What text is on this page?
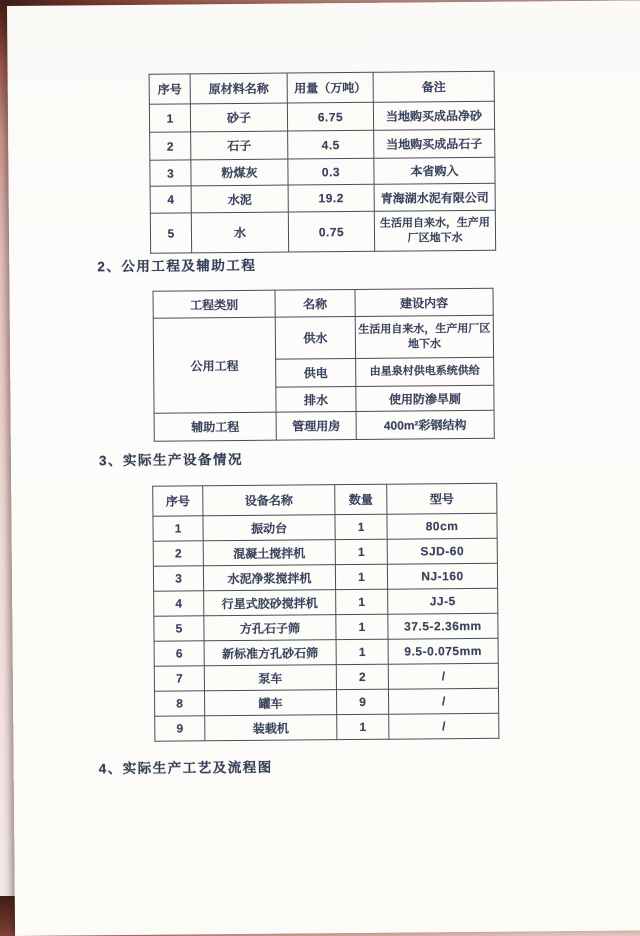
序号	原材料名称	用量（万吨）	备注
1	砂子	6.75	当地购买成品净砂
2	石子	4.5	当地购买成品石子
3	粉煤灰	0.3	本省购入
4	水泥	19.2	青海湖水泥有限公司
5	水	0.75	生活用自来水，生产用厂区地下水
2、公用工程及辅助工程
工程类别	名称	建设内容
公用工程	供水	生活用自来水，生产用厂区地下水
	供电	由星泉村供电系统供给
	排水	使用防渗旱厕
辅助工程	管理用房	400m²彩钢结构
3、实际生产设备情况
序号	设备名称	数量	型号
1	振动台	1	80cm
2	混凝土搅拌机	1	SJD-60
3	水泥净浆搅拌机	1	NJ-160
4	行星式胶砂搅拌机	1	JJ-5
5	方孔石子筛	1	37.5-2.36mm
6	新标准方孔砂石筛	1	9.5-0.075mm
7	泵车	2	/
8	罐车	9	/
9	装载机	1	/
4、实际生产工艺及流程图
